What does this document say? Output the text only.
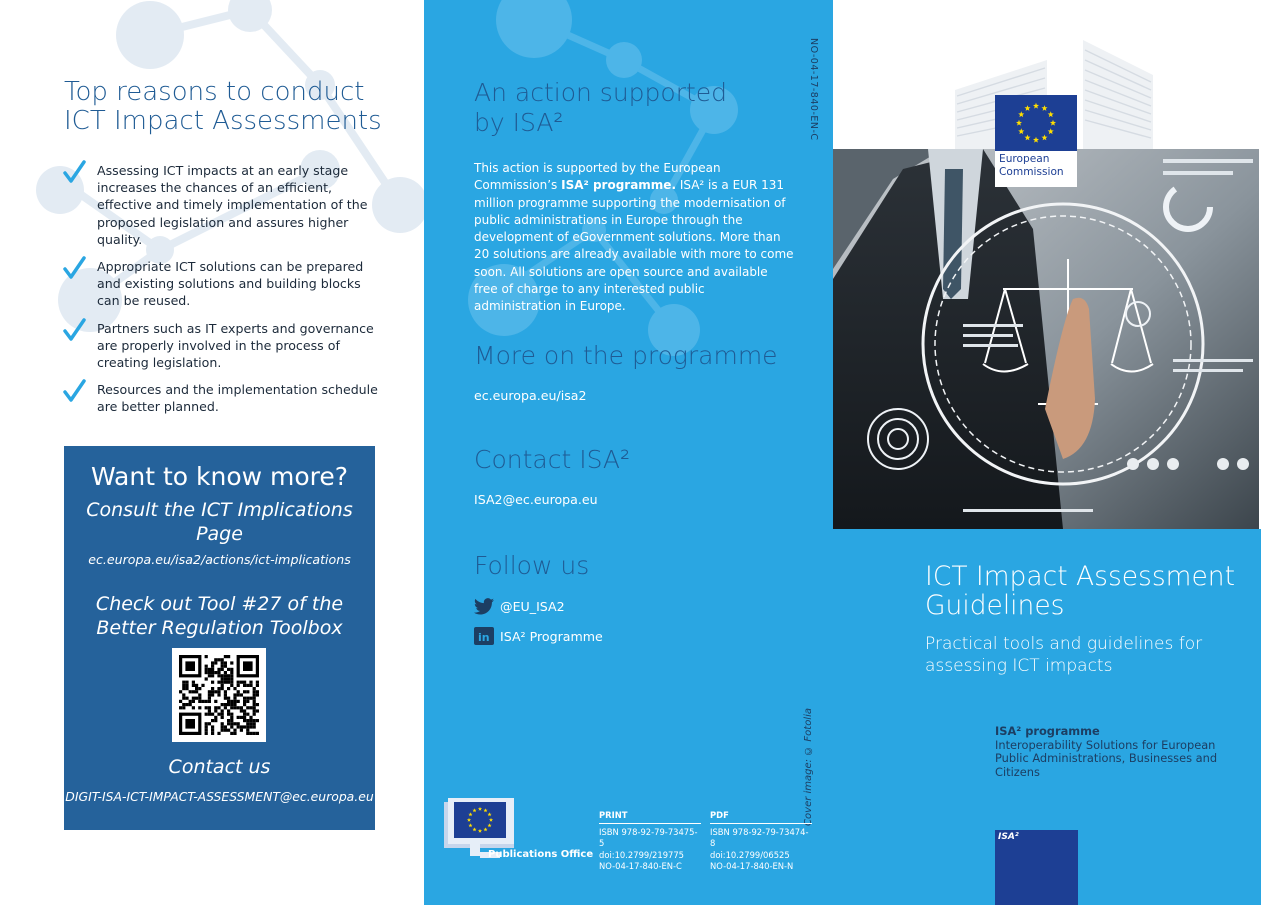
Top reasons to conduct ICT Impact Assessments
Assessing ICT impacts at an early stage increases the chances of an efficient, effective and timely implementation of the proposed legislation and assures higher quality.
Appropriate ICT solutions can be prepared and existing solutions and building blocks can be reused.
Partners such as IT experts and governance are properly involved in the process of creating legislation.
Resources and the implementation schedule are better planned.
Want to know more?
Consult the ICT Implications Page
ec.europa.eu/isa2/actions/ict-implications
Check out Tool #27 of the Better Regulation Toolbox
Contact us
DIGIT-ISA-ICT-IMPACT-ASSESSMENT@ec.europa.eu
An action supported by ISA²
This action is supported by the European Commission’s ISA² programme. ISA² is a EUR 131 million programme supporting the modernisation of public administrations in Europe through the development of eGovernment solutions. More than 20 solutions are already available with more to come soon. All solutions are open source and available free of charge to any interested public administration in Europe.
More on the programme
ec.europa.eu/isa2
Contact ISA²
ISA2@ec.europa.eu
Follow us
@EU_ISA2
in ISA² Programme
NO-04-17-840-EN-C
Cover image: © Fotolia
Publications Office
PRINT
ISBN 978-92-79-73475-5
doi:10.2799/219775
NO-04-17-840-EN-C
PDF
ISBN 978-92-79-73474-8
doi:10.2799/06525
NO-04-17-840-EN-N
European Commission
ICT Impact Assessment Guidelines
Practical tools and guidelines for assessing ICT impacts
ISA² programme
Interoperability Solutions for European Public Administrations, Businesses and Citizens
ISA²
